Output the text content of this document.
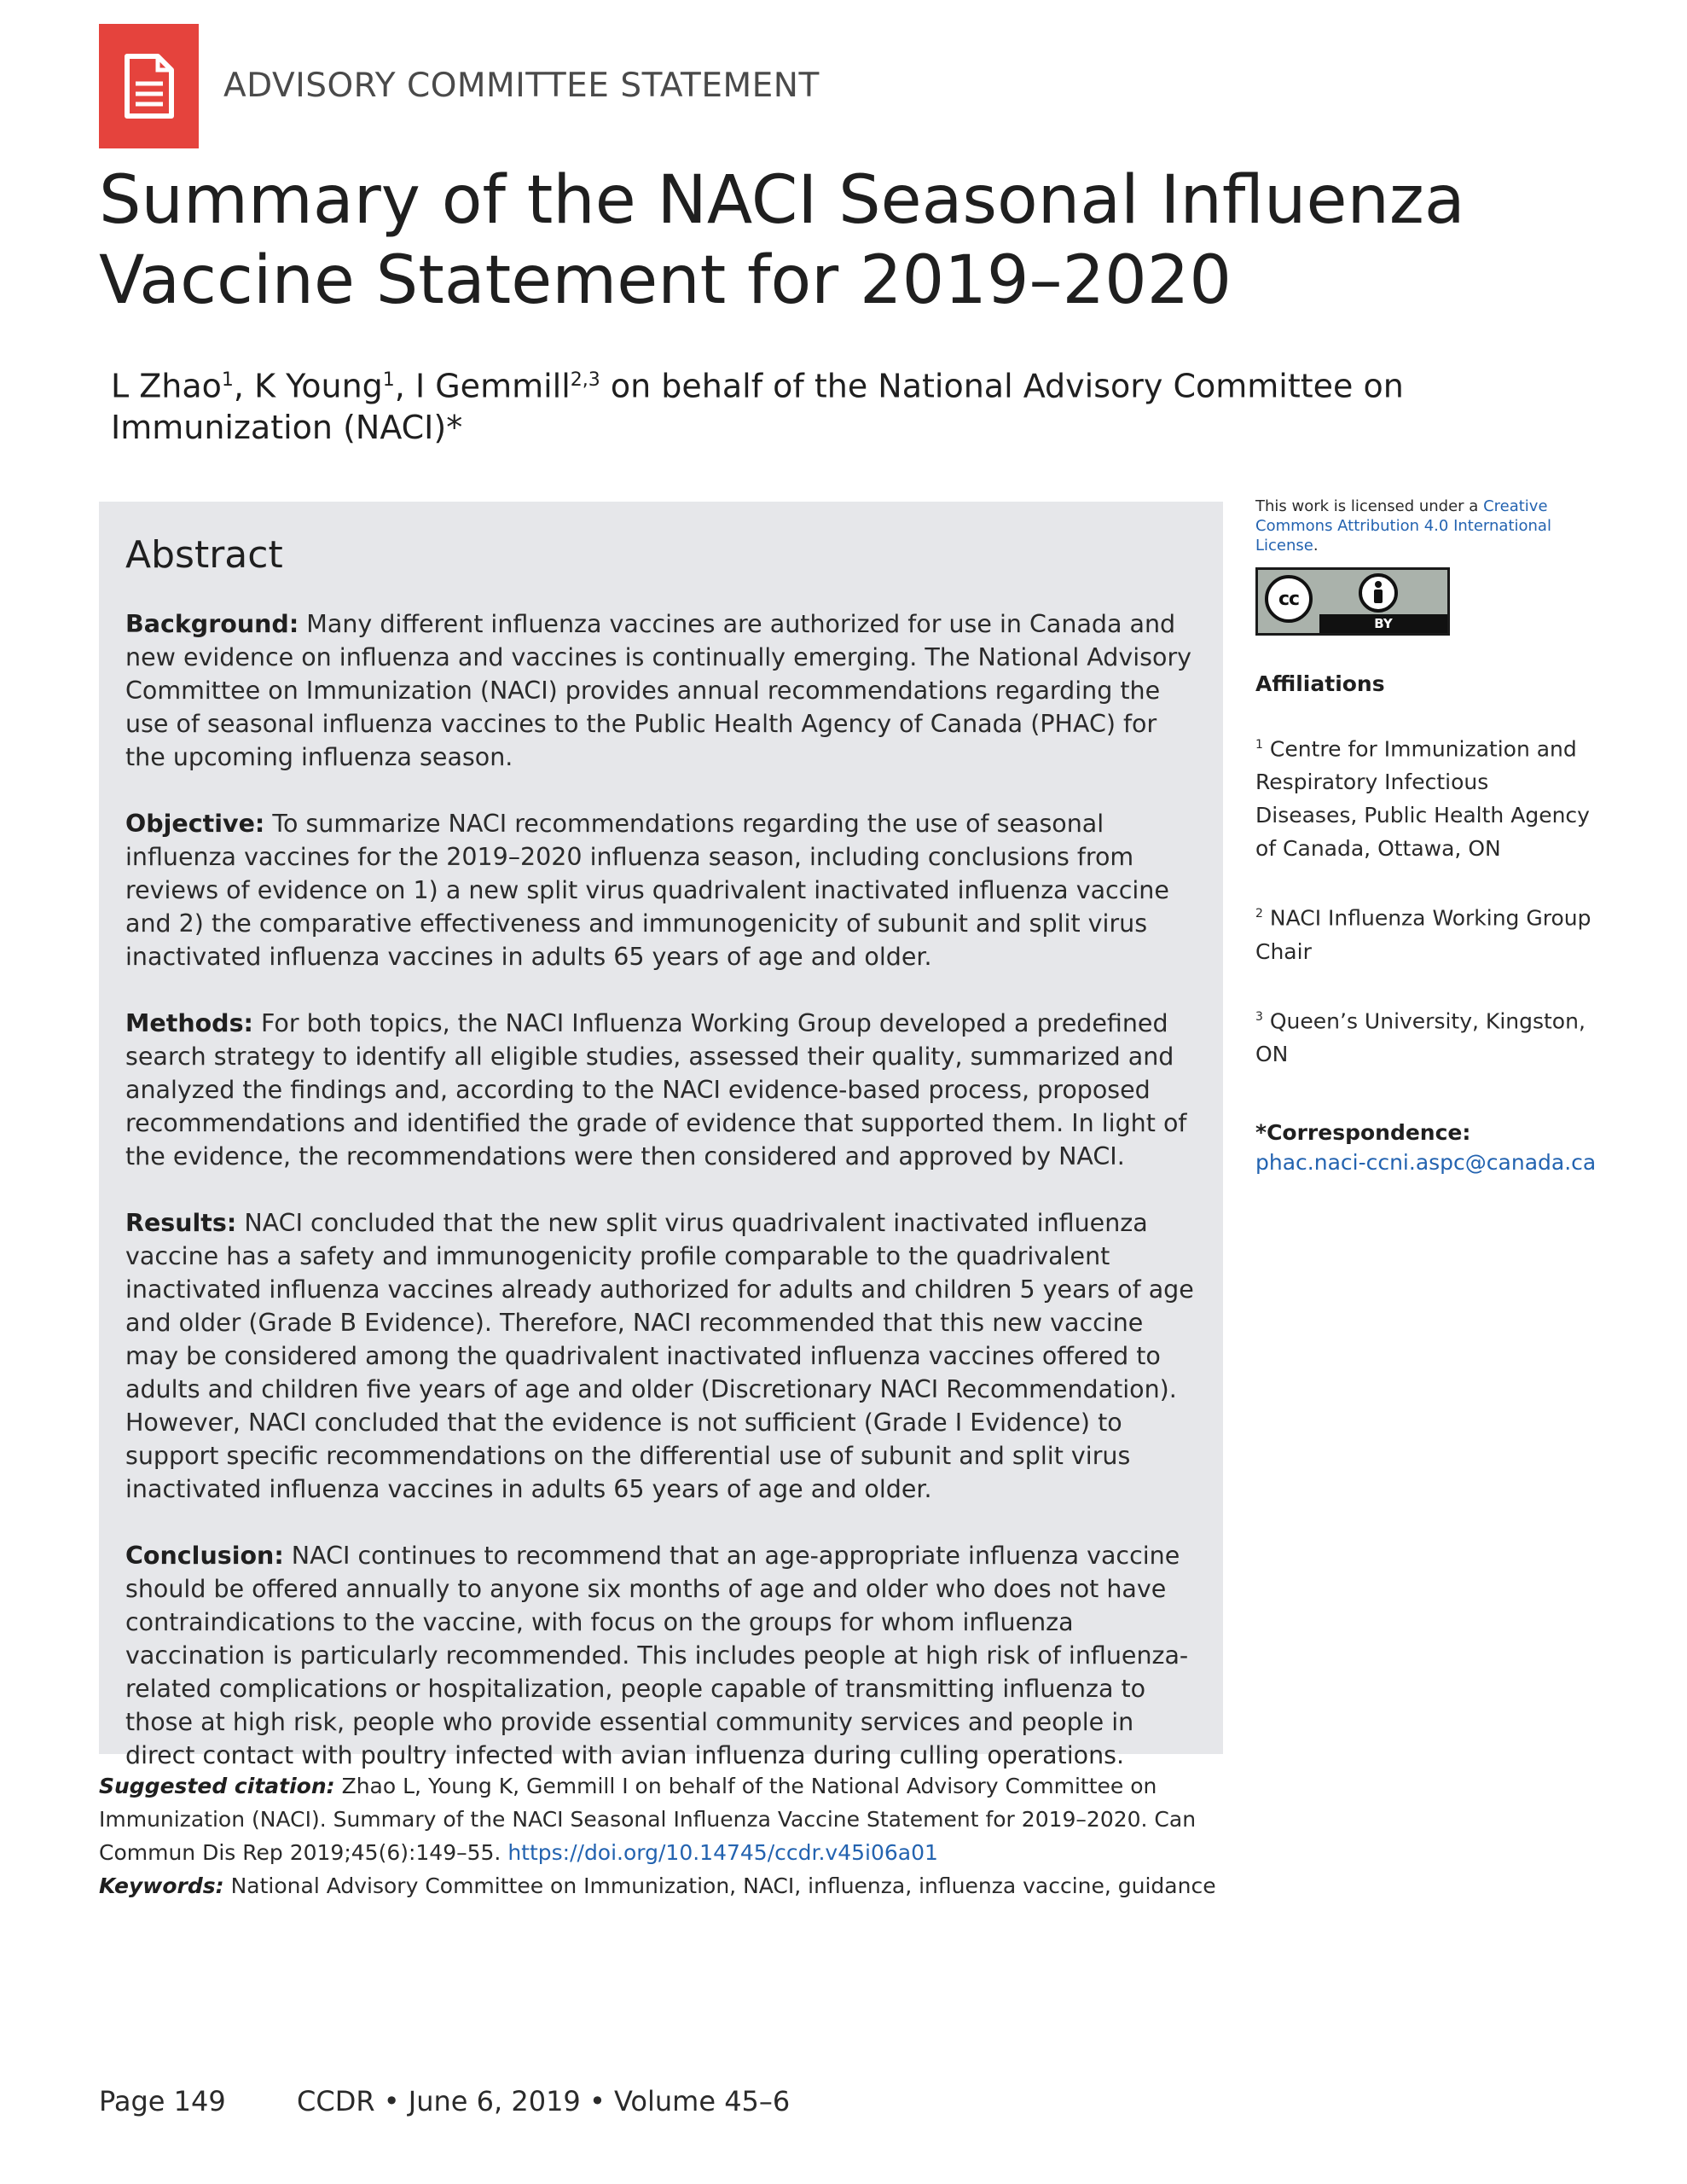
ADVISORY COMMITTEE STATEMENT
Summary of the NACI Seasonal Influenza Vaccine Statement for 2019–2020
L Zhao$^1$, K Young$^1$, I Gemmill$^{2,3}$ on behalf of the National Advisory Committee on Immunization (NACI)*
Abstract

Background: Many different influenza vaccines are authorized for use in Canada and new evidence on influenza and vaccines is continually emerging. The National Advisory Committee on Immunization (NACI) provides annual recommendations regarding the use of seasonal influenza vaccines to the Public Health Agency of Canada (PHAC) for the upcoming influenza season.

Objective: To summarize NACI recommendations regarding the use of seasonal influenza vaccines for the 2019–2020 influenza season, including conclusions from reviews of evidence on 1) a new split virus quadrivalent inactivated influenza vaccine and 2) the comparative effectiveness and immunogenicity of subunit and split virus inactivated influenza vaccines in adults 65 years of age and older.

Methods: For both topics, the NACI Influenza Working Group developed a predefined search strategy to identify all eligible studies, assessed their quality, summarized and analyzed the findings and, according to the NACI evidence-based process, proposed recommendations and identified the grade of evidence that supported them. In light of the evidence, the recommendations were then considered and approved by NACI.

Results: NACI concluded that the new split virus quadrivalent inactivated influenza vaccine has a safety and immunogenicity profile comparable to the quadrivalent inactivated influenza vaccines already authorized for adults and children 5 years of age and older (Grade B Evidence). Therefore, NACI recommended that this new vaccine may be considered among the quadrivalent inactivated influenza vaccines offered to adults and children five years of age and older (Discretionary NACI Recommendation). However, NACI concluded that the evidence is not sufficient (Grade I Evidence) to support specific recommendations on the differential use of subunit and split virus inactivated influenza vaccines in adults 65 years of age and older.

Conclusion: NACI continues to recommend that an age-appropriate influenza vaccine should be offered annually to anyone six months of age and older who does not have contraindications to the vaccine, with focus on the groups for whom influenza vaccination is particularly recommended. This includes people at high risk of influenza-related complications or hospitalization, people capable of transmitting influenza to those at high risk, people who provide essential community services and people in direct contact with poultry infected with avian influenza during culling operations.

This work is licensed under a Creative Commons Attribution 4.0 International License.
cc
BY
Affiliations
$^1$ Centre for Immunization and Respiratory Infectious Diseases, Public Health Agency of Canada, Ottawa, ON
$^2$ NACI Influenza Working Group Chair
$^3$ Queen’s University, Kingston, ON
*Correspondence:
phac.naci-ccni.aspc@canada.ca
Suggested citation: Zhao L, Young K, Gemmill I on behalf of the National Advisory Committee on Immunization (NACI). Summary of the NACI Seasonal Influenza Vaccine Statement for 2019–2020. Can Commun Dis Rep 2019;45(6):149–55. https://doi.org/10.14745/ccdr.v45i06a01
Keywords: National Advisory Committee on Immunization, NACI, influenza, influenza vaccine, guidance
Page 149	CCDR • June 6, 2019 • Volume 45–6
